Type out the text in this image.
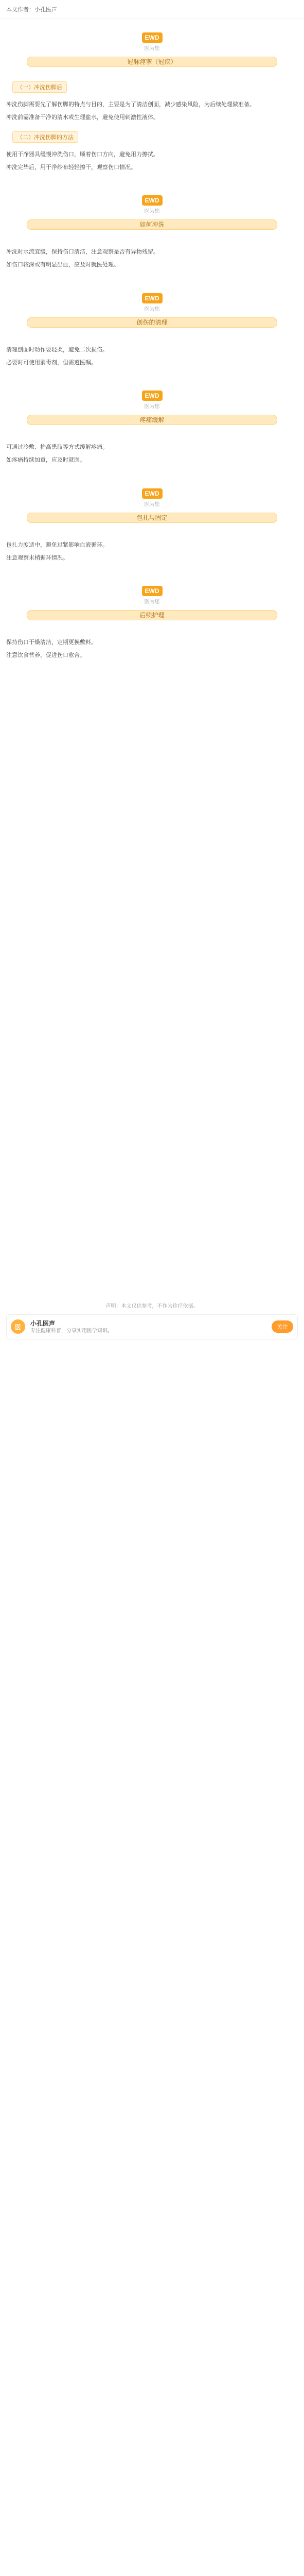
本文作者：小孔医声
EWD
医为您
冠脉痉挛（冠疾）
（一）冲洗伤脚后
冲洗伤脚需要先了解伤脚的特点与目的，主要是为了清洁创面，减少感染风险，为后续处理做准备。
冲洗前需准备干净的清水或生理盐水，避免使用刺激性液体。
（二）冲洗伤脚的方法
使用干净器具缓慢冲洗伤口，顺着伤口方向，避免用力擦拭。
冲洗完毕后，用干净纱布轻轻擦干，观察伤口情况。
EWD
医为您
如何冲洗
冲洗时水流宜缓，保持伤口清洁，注意观察是否有异物残留。
如伤口较深或有明显出血，应及时就医处理。
EWD
医为您
创伤的清理
清理创面时动作要轻柔，避免二次损伤。
必要时可使用消毒剂，但需遵医嘱。
EWD
医为您
疼痛缓解
可通过冷敷、抬高患肢等方式缓解疼痛。
如疼痛持续加重，应及时就医。
EWD
医为您
包扎与固定
包扎力度适中，避免过紧影响血液循环。
注意观察末梢循环情况。
EWD
医为您
后续护理
保持伤口干燥清洁，定期更换敷料。
注意饮食营养，促进伤口愈合。
声明：本文仅供参考，不作为诊疗依据。
医	小孔医声
专注健康科普，分享实用医学知识。
关注
